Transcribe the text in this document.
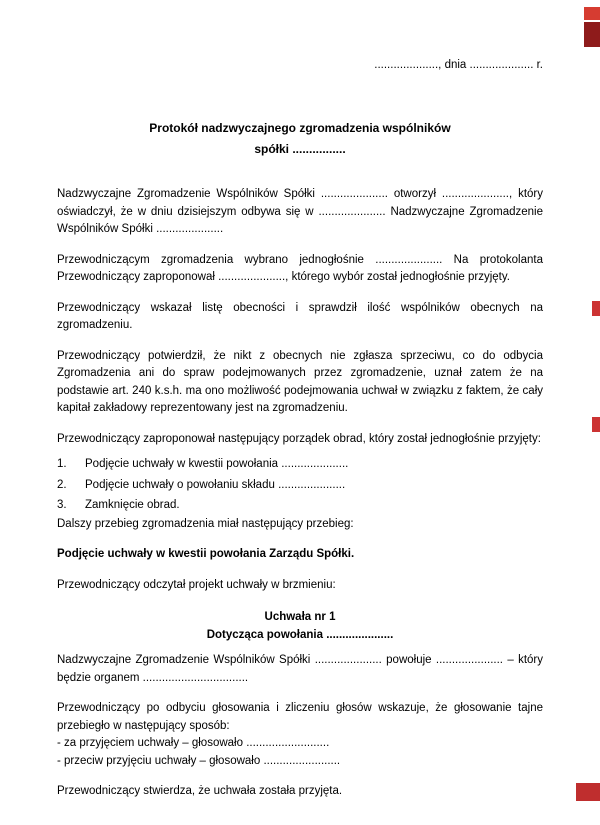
...................., dnia .................... r.
Protokół nadzwyczajnego zgromadzenia wspólników
spółki ................

Nadzwyczajne Zgromadzenie Wspólników Spółki ..................... otworzył ....................., który oświadczył, że w dniu dzisiejszym odbywa się w ..................... Nadzwyczajne Zgromadzenie Wspólników Spółki .....................

Przewodniczącym zgromadzenia wybrano jednogłośnie ..................... Na protokolanta Przewodniczący zaproponował ....................., którego wybór został jednogłośnie przyjęty.

Przewodniczący wskazał listę obecności i sprawdził ilość wspólników obecnych na zgromadzeniu.

Przewodniczący potwierdził, że nikt z obecnych nie zgłasza sprzeciwu, co do odbycia Zgromadzenia ani do spraw podejmowanych przez zgromadzenie, uznał zatem że na podstawie art. 240 k.s.h. ma ono możliwość podejmowania uchwał w związku z faktem, że cały kapitał zakładowy reprezentowany jest na zgromadzeniu.

Przewodniczący zaproponował następujący porządek obrad, który został jednogłośnie przyjęty:

1.	Podjęcie uchwały w kwestii powołania .....................
2.	Podjęcie uchwały o powołaniu składu .....................
3.	Zamknięcie obrad.

Dalszy przebieg zgromadzenia miał następujący przebieg:

Podjęcie uchwały w kwestii powołania Zarządu Spółki.

Przewodniczący odczytał projekt uchwały w brzmieniu:

Uchwała nr 1
Dotycząca powołania .....................

Nadzwyczajne Zgromadzenie Wspólników Spółki ..................... powołuje ..................... – który będzie organem .................................

Przewodniczący po odbyciu głosowania i zliczeniu głosów wskazuje, że głosowanie tajne przebiegło w następujący sposób:

- za przyjęciem uchwały – głosowało ..........................

- przeciw przyjęciu uchwały – głosowało ........................

Przewodniczący stwierdza, że uchwała została przyjęta.
